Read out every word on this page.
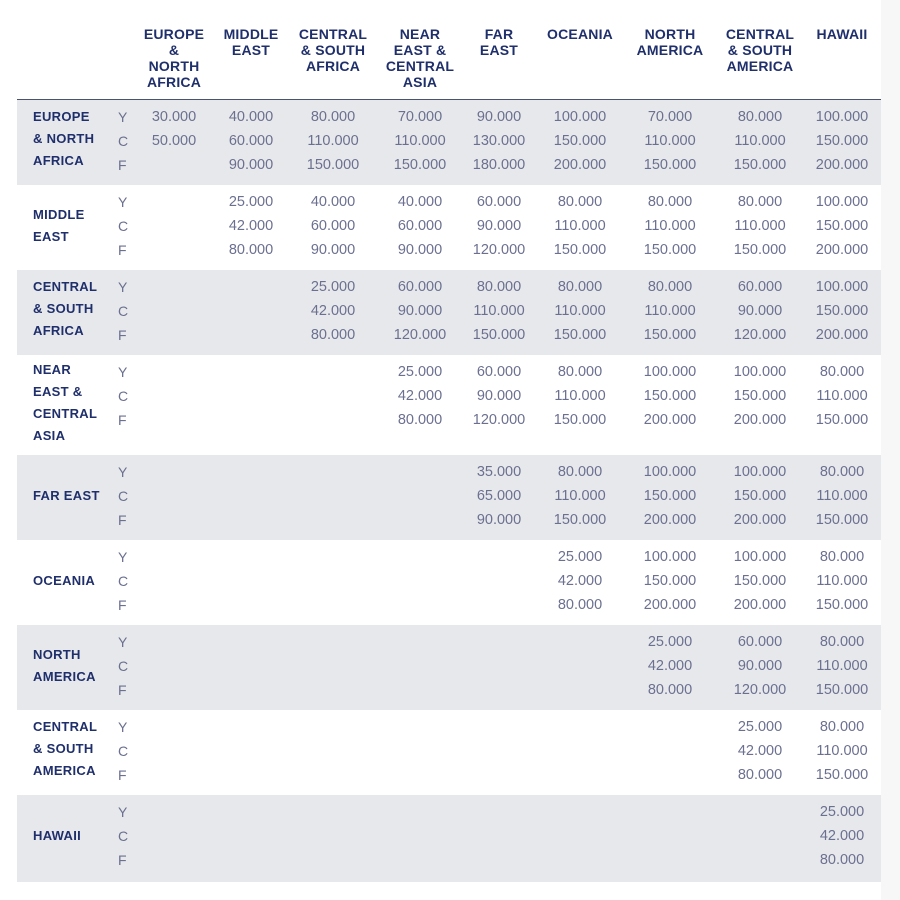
EUROPE
&
NORTH
AFRICA
MIDDLE
EAST
CENTRAL
& SOUTH
AFRICA
NEAR
EAST &
CENTRAL
ASIA
FAR
EAST
OCEANIA	NORTH
AMERICA
CENTRAL
& SOUTH
AMERICA
HAWAII
EUROPE
& NORTH
AFRICA
Y
C
F
30.000
50.000

40.000
60.000
90.000
80.000
110.000
150.000
70.000
110.000
150.000
90.000
130.000
180.000
100.000
150.000
200.000
70.000
110.000
150.000
80.000
110.000
150.000
100.000
150.000
200.000
MIDDLE
EAST
Y
C
F

25.000
42.000
80.000
40.000
60.000
90.000
40.000
60.000
90.000
60.000
90.000
120.000
80.000
110.000
150.000
80.000
110.000
150.000
80.000
110.000
150.000
100.000
150.000
200.000
CENTRAL
& SOUTH
AFRICA
Y
C
F

25.000
42.000
80.000
60.000
90.000
120.000
80.000
110.000
150.000
80.000
110.000
150.000
80.000
110.000
150.000
60.000
90.000
120.000
100.000
150.000
200.000
NEAR
EAST &
CENTRAL
ASIA
Y
C
F

25.000
42.000
80.000
60.000
90.000
120.000
80.000
110.000
150.000
100.000
150.000
200.000
100.000
150.000
200.000
80.000
110.000
150.000
FAR EAST
Y
C
F

35.000
65.000
90.000
80.000
110.000
150.000
100.000
150.000
200.000
100.000
150.000
200.000
80.000
110.000
150.000
OCEANIA
Y
C
F

25.000
42.000
80.000
100.000
150.000
200.000
100.000
150.000
200.000
80.000
110.000
150.000
NORTH
AMERICA
Y
C
F

25.000
42.000
80.000
60.000
90.000
120.000
80.000
110.000
150.000
CENTRAL
& SOUTH
AMERICA
Y
C
F

25.000
42.000
80.000
80.000
110.000
150.000
HAWAII
Y
C
F

25.000
42.000
80.000
